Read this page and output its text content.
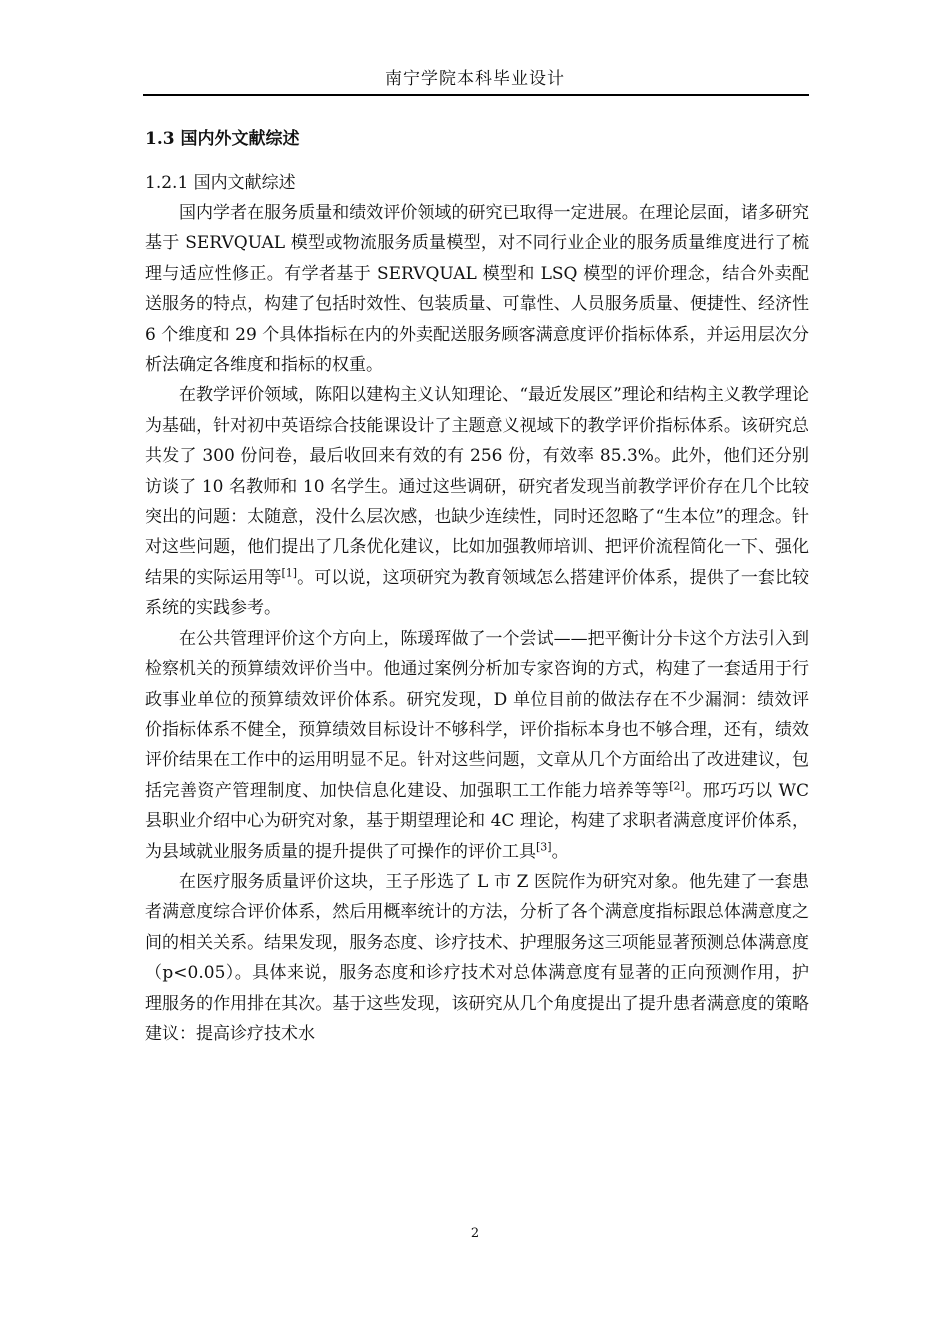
南宁学院本科毕业设计
1.3 国内外文献综述
1.2.1 国内文献综述

国内学者在服务质量和绩效评价领域的研究已取得一定进展。在理论层面，诸多研究基于 SERVQUAL 模型或物流服务质量模型，对不同行业企业的服务质量维度进行了梳理与适应性修正。有学者基于 SERVQUAL 模型和 LSQ 模型的评价理念，结合外卖配送服务的特点，构建了包括时效性、包装质量、可靠性、人员服务质量、便捷性、经济性 6 个维度和 29 个具体指标在内的外卖配送服务顾客满意度评价指标体系，并运用层次分析法确定各维度和指标的权重。

在教学评价领域，陈阳以建构主义认知理论、“最近发展区”理论和结构主义教学理论为基础，针对初中英语综合技能课设计了主题意义视域下的教学评价指标体系。该研究总共发了 300 份问卷，最后收回来有效的有 256 份，有效率 85.3%。此外，他们还分别访谈了 10 名教师和 10 名学生。通过这些调研，研究者发现当前教学评价存在几个比较突出的问题：太随意，没什么层次感，也缺少连续性，同时还忽略了“生本位”的理念。针对这些问题，他们提出了几条优化建议，比如加强教师培训、把评价流程简化一下、强化结果的实际运用等[1]。可以说，这项研究为教育领域怎么搭建评价体系，提供了一套比较系统的实践参考。

在公共管理评价这个方向上，陈瑗珲做了一个尝试——把平衡计分卡这个方法引入到检察机关的预算绩效评价当中。他通过案例分析加专家咨询的方式，构建了一套适用于行政事业单位的预算绩效评价体系。研究发现，D 单位目前的做法存在不少漏洞：绩效评价指标体系不健全，预算绩效目标设计不够科学，评价指标本身也不够合理，还有，绩效评价结果在工作中的运用明显不足。针对这些问题，文章从几个方面给出了改进建议，包括完善资产管理制度、加快信息化建设、加强职工工作能力培养等等[2]。邢巧巧以 WC 县职业介绍中心为研究对象，基于期望理论和 4C 理论，构建了求职者满意度评价体系，为县域就业服务质量的提升提供了可操作的评价工具[3]。

在医疗服务质量评价这块，王子彤选了 L 市 Z 医院作为研究对象。他先建了一套患者满意度综合评价体系，然后用概率统计的方法，分析了各个满意度指标跟总体满意度之间的相关关系。结果发现，服务态度、诊疗技术、护理服务这三项能显著预测总体满意度（p<0.05）。具体来说，服务态度和诊疗技术对总体满意度有显著的正向预测作用，护理服务的作用排在其次。基于这些发现，该研究从几个角度提出了提升患者满意度的策略建议：提高诊疗技术水

2
